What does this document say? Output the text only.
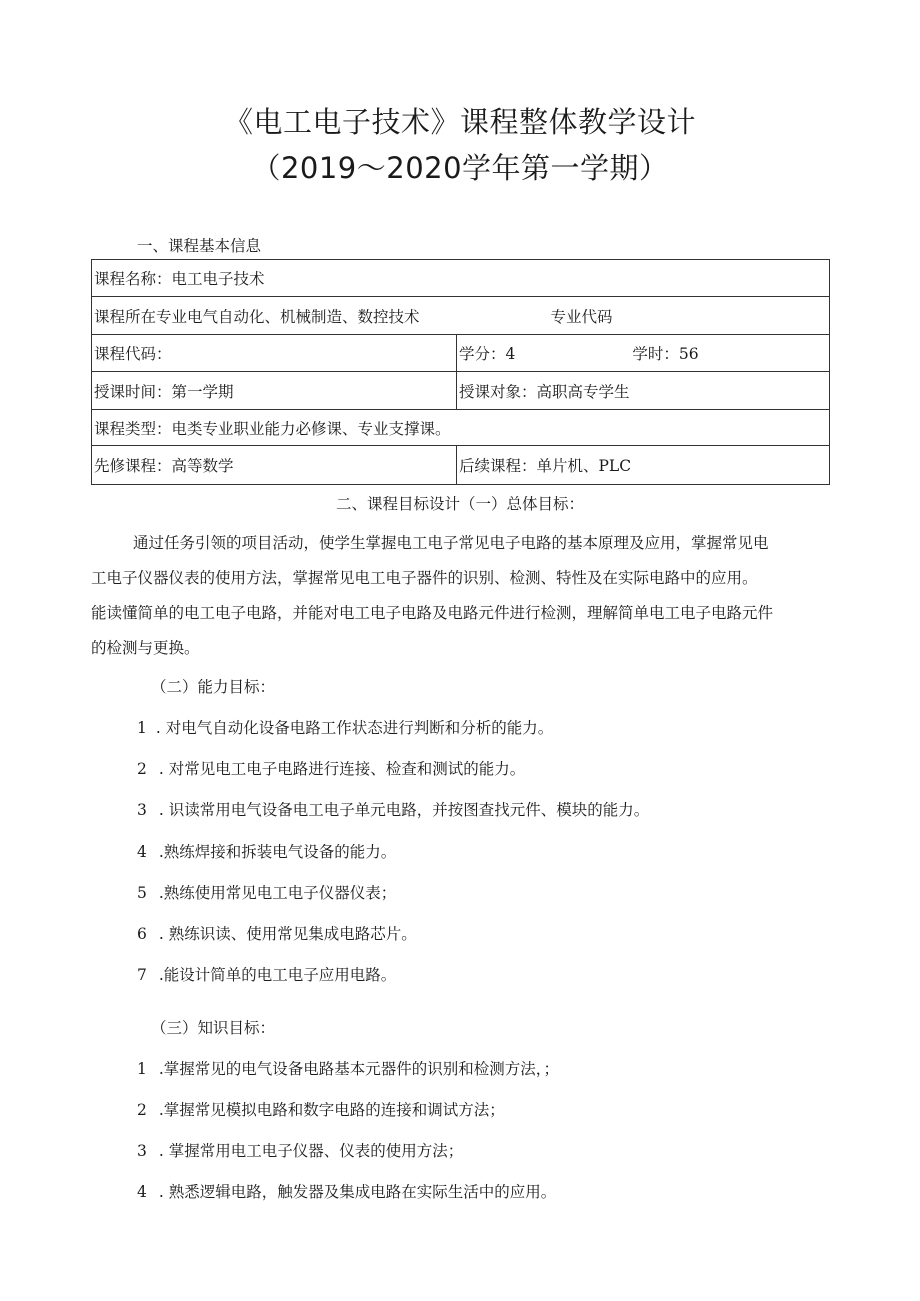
《电工电子技术》课程整体教学设计
（2019～2020学年第一学期）
一、课程基本信息
课程名称：电工电子技术	
课程所在专业电气自动化、机械制造、数控技术 专业代码	
课程代码：	学分：4 学时：56
授课时间：第一学期	授课对象：高职高专学生
课程类型：电类专业职业能力必修课、专业支撑课。	
先修课程：高等数学	后续课程：单片机、PLC
二、课程目标设计（一）总体目标：
通过任务引领的项目活动，使学生掌握电工电子常见电子电路的基本原理及应用，掌握常见电
工电子仪器仪表的使用方法，掌握常见电工电子器件的识别、检测、特性及在实际电路中的应用。
能读懂简单的电工电子电路，并能对电工电子电路及电路元件进行检测，理解简单电工电子电路元件
的检测与更换。
（二）能力目标：
1 . 对电气自动化设备电路工作状态进行判断和分析的能力。
2 . 对常见电工电子电路进行连接、检查和测试的能力。
3 . 识读常用电气设备电工电子单元电路，并按图查找元件、模块的能力。
4 .熟练焊接和拆装电气设备的能力。
5 .熟练使用常见电工电子仪器仪表；
6 . 熟练识读、使用常见集成电路芯片。
7 .能设计简单的电工电子应用电路。
（三）知识目标：
1 .掌握常见的电气设备电路基本元器件的识别和检测方法，；
2 .掌握常见模拟电路和数字电路的连接和调试方法；
3 . 掌握常用电工电子仪器、仪表的使用方法；
4 . 熟悉逻辑电路，触发器及集成电路在实际生活中的应用。
